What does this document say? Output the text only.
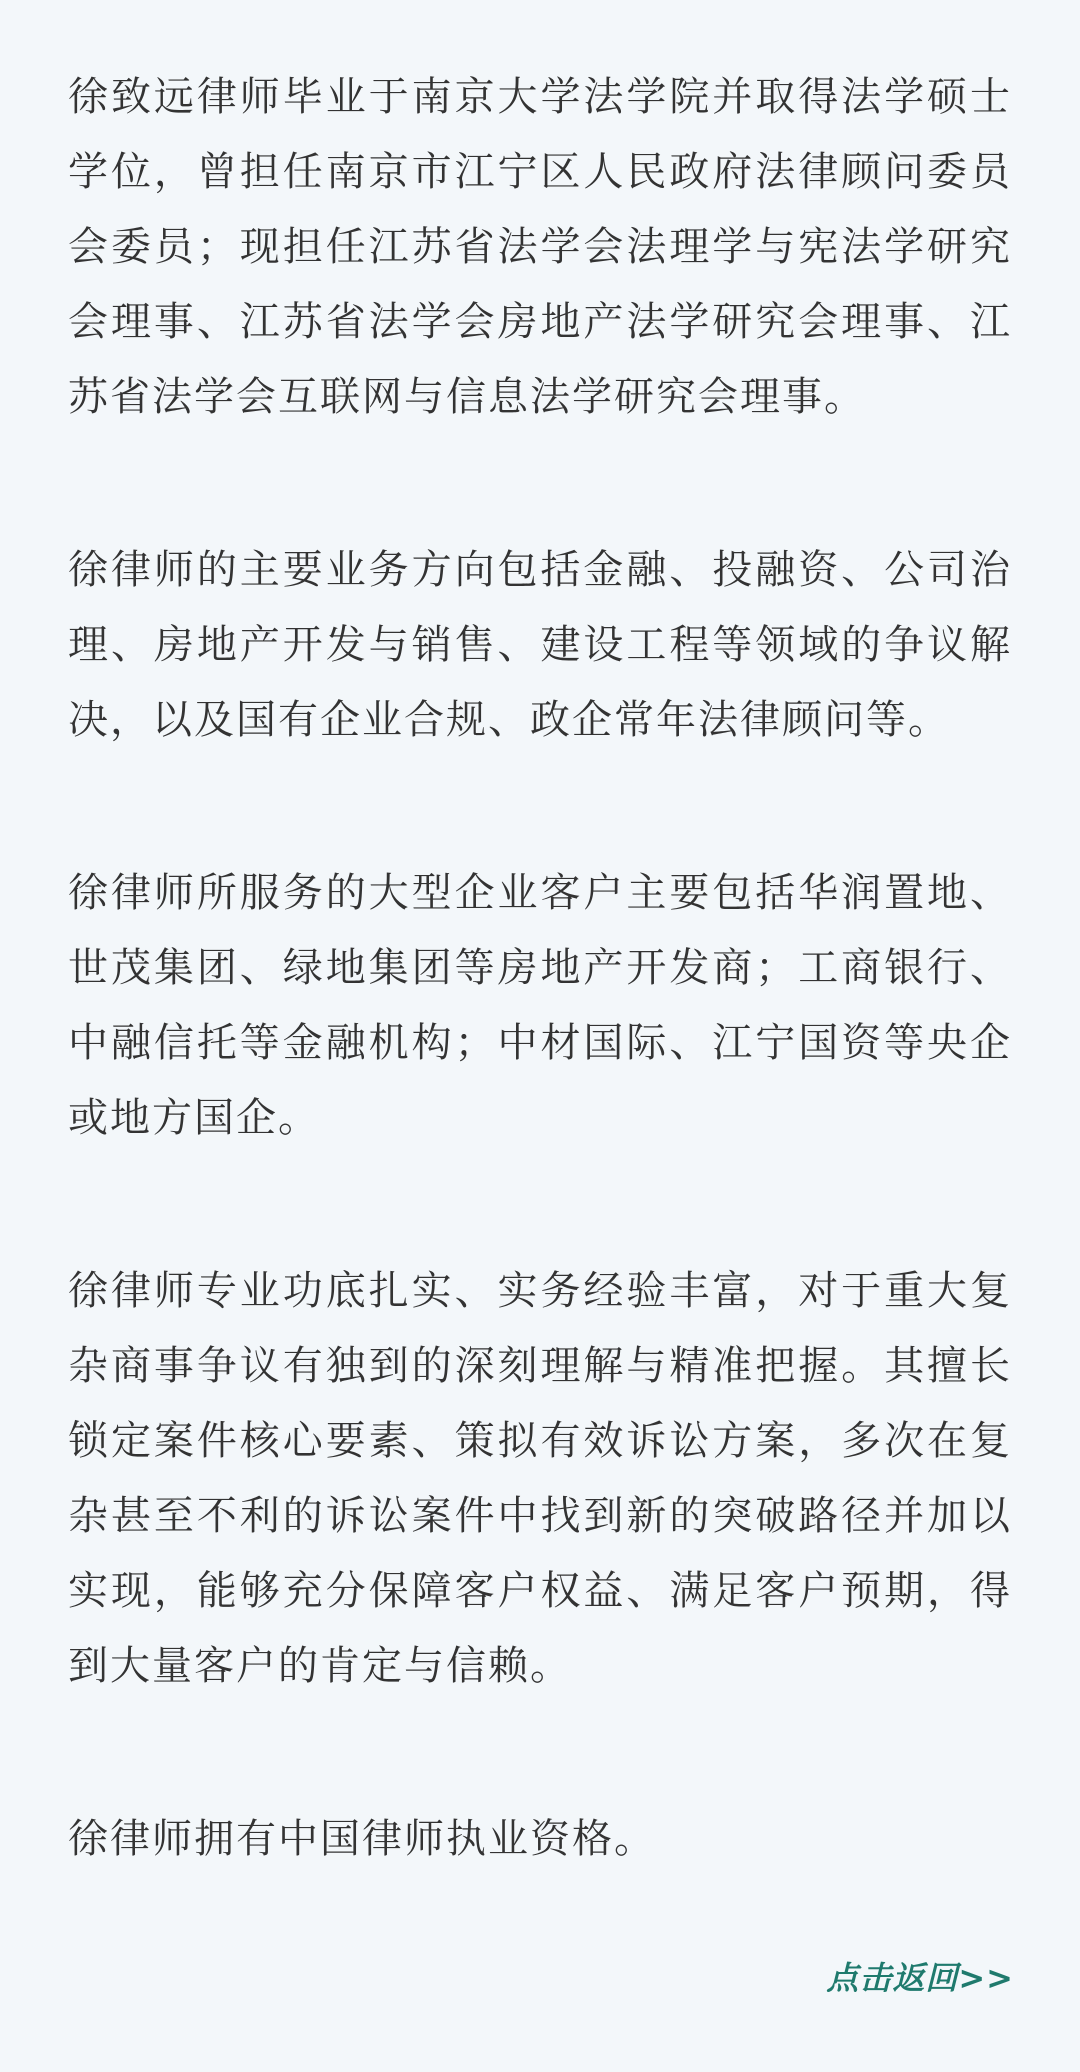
徐致远律师毕业于南京大学法学院并取得法学硕士学位，曾担任南京市江宁区人民政府法律顾问委员会委员；现担任江苏省法学会法理学与宪法学研究会理事、江苏省法学会房地产法学研究会理事、江苏省法学会互联网与信息法学研究会理事。

徐律师的主要业务方向包括金融、投融资、公司治理、房地产开发与销售、建设工程等领域的争议解决，以及国有企业合规、政企常年法律顾问等。

徐律师所服务的大型企业客户主要包括华润置地、世茂集团、绿地集团等房地产开发商；工商银行、中融信托等金融机构；中材国际、江宁国资等央企或地方国企。

徐律师专业功底扎实、实务经验丰富，对于重大复杂商事争议有独到的深刻理解与精准把握。其擅长锁定案件核心要素、策拟有效诉讼方案，多次在复杂甚至不利的诉讼案件中找到新的突破路径并加以实现，能够充分保障客户权益、满足客户预期，得到大量客户的肯定与信赖。

徐律师拥有中国律师执业资格。

点击返回>>
